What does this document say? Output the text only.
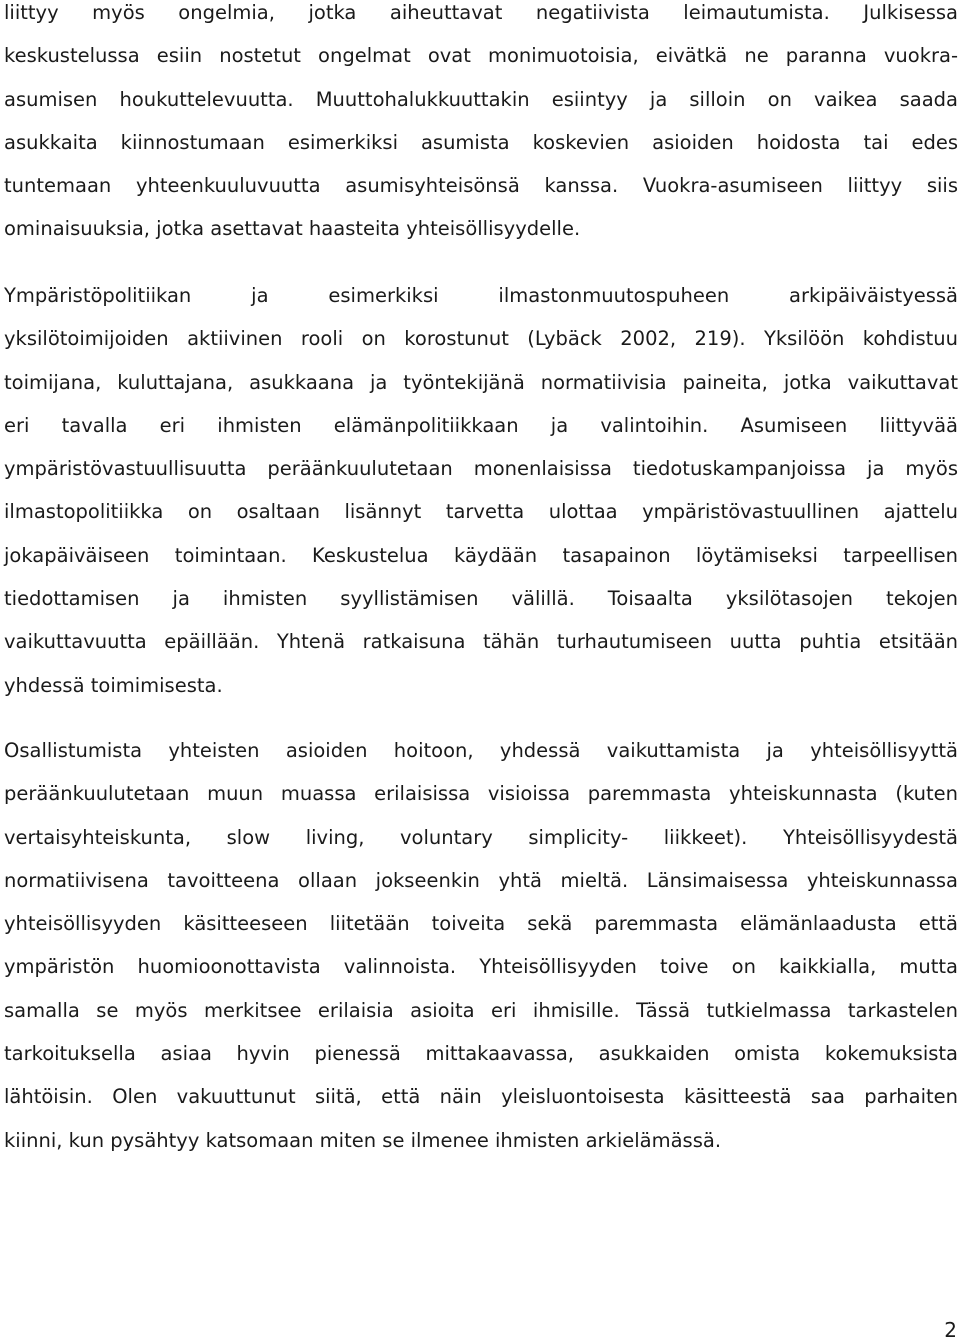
liittyy myös ongelmia, jotka aiheuttavat negatiivista leimautumista. Julkisessa
keskustelussa esiin nostetut ongelmat ovat monimuotoisia, eivätkä ne paranna vuokra-
asumisen houkuttelevuutta. Muuttohalukkuuttakin esiintyy ja silloin on vaikea saada
asukkaita kiinnostumaan esimerkiksi asumista koskevien asioiden hoidosta tai edes
tuntemaan yhteenkuuluvuutta asumisyhteisönsä kanssa. Vuokra-asumiseen liittyy siis
ominaisuuksia, jotka asettavat haasteita yhteisöllisyydelle.
Ympäristöpolitiikan ja esimerkiksi ilmastonmuutospuheen arkipäiväistyessä
yksilötoimijoiden aktiivinen rooli on korostunut (Lybäck 2002, 219). Yksilöön kohdistuu
toimijana, kuluttajana, asukkaana ja työntekijänä normatiivisia paineita, jotka vaikuttavat
eri tavalla eri ihmisten elämänpolitiikkaan ja valintoihin. Asumiseen liittyvää
ympäristövastuullisuutta peräänkuulutetaan monenlaisissa tiedotuskampanjoissa ja myös
ilmastopolitiikka on osaltaan lisännyt tarvetta ulottaa ympäristövastuullinen ajattelu
jokapäiväiseen toimintaan. Keskustelua käydään tasapainon löytämiseksi tarpeellisen
tiedottamisen ja ihmisten syyllistämisen välillä. Toisaalta yksilötasojen tekojen
vaikuttavuutta epäillään. Yhtenä ratkaisuna tähän turhautumiseen uutta puhtia etsitään
yhdessä toimimisesta.
Osallistumista yhteisten asioiden hoitoon, yhdessä vaikuttamista ja yhteisöllisyyttä
peräänkuulutetaan muun muassa erilaisissa visioissa paremmasta yhteiskunnasta (kuten
vertaisyhteiskunta, slow living, voluntary simplicity- liikkeet). Yhteisöllisyydestä
normatiivisena tavoitteena ollaan jokseenkin yhtä mieltä. Länsimaisessa yhteiskunnassa
yhteisöllisyyden käsitteeseen liitetään toiveita sekä paremmasta elämänlaadusta että
ympäristön huomioonottavista valinnoista. Yhteisöllisyyden toive on kaikkialla, mutta
samalla se myös merkitsee erilaisia asioita eri ihmisille. Tässä tutkielmassa tarkastelen
tarkoituksella asiaa hyvin pienessä mittakaavassa, asukkaiden omista kokemuksista
lähtöisin. Olen vakuuttunut siitä, että näin yleisluontoisesta käsitteestä saa parhaiten
kiinni, kun pysähtyy katsomaan miten se ilmenee ihmisten arkielämässä.
2
